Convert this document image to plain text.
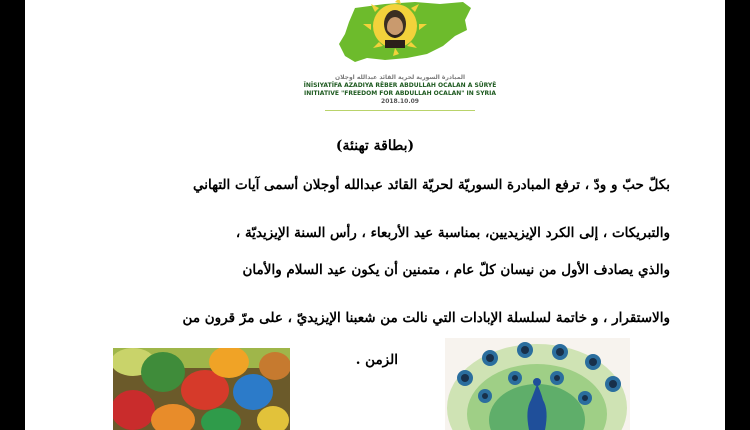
المبادرة السورية لحرية القائد عبدالله اوجلان
ÎNÎSIYATÎFA AZADIYA RÊBER ABDULLAH OCALAN A SÛRYÊ
INITIATIVE "FREEDOM FOR ABDULLAH OCALAN" IN SYRIA
2018.10.09
(بطاقة تهنئة)
بكلّ حبّ و ودّ ، ترفع المبادرة السوريّة لحريّة القائد عبدالله أوجلان أسمى آيات التهاني
والتبريكات ، إلى الكرد الإيزيديين، بمناسبة عيد الأربعاء ، رأس السنة الإيزيديّة ،
والذي يصادف الأول من نيسان كلّ عام ، متمنين أن يكون عيد السلام والأمان
والاستقرار ، و خاتمة لسلسلة الإبادات التي نالت من شعبنا الإيزيديّ ، على مرّ قرون من
الزمن .
